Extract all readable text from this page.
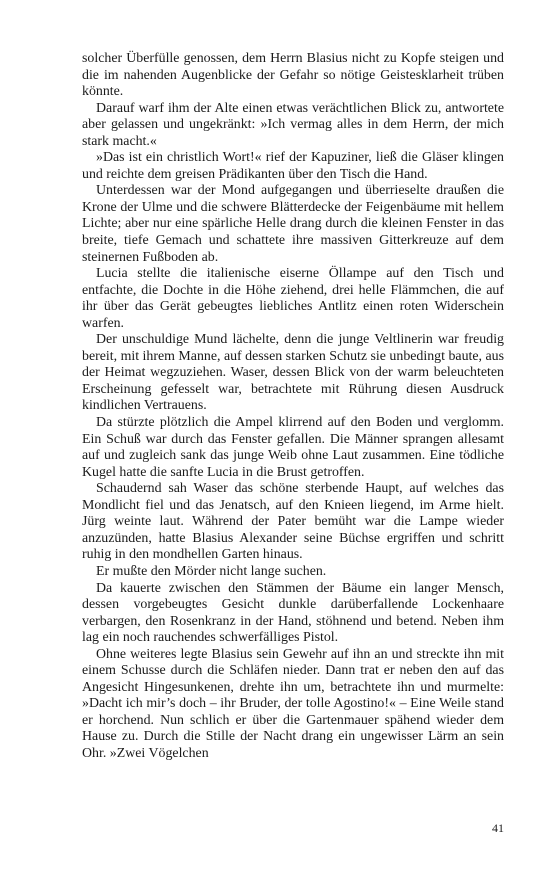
solcher Überfülle genossen, dem Herrn Blasius nicht zu Kopfe steigen und die im nahenden Augenblicke der Gefahr so nötige Geistesklarheit trüben könnte.

Darauf warf ihm der Alte einen etwas verächtlichen Blick zu, antwortete aber gelassen und ungekränkt: »Ich vermag alles in dem Herrn, der mich stark macht.«

»Das ist ein christlich Wort!« rief der Kapuziner, ließ die Gläser klingen und reichte dem greisen Prädikanten über den Tisch die Hand.

Unterdessen war der Mond aufgegangen und überrieselte draußen die Krone der Ulme und die schwere Blätterdecke der Feigenbäume mit hellem Lichte; aber nur eine spärliche Helle drang durch die kleinen Fenster in das breite, tiefe Gemach und schattete ihre massiven Gitterkreuze auf dem steinernen Fußboden ab.

Lucia stellte die italienische eiserne Öllampe auf den Tisch und entfachte, die Dochte in die Höhe ziehend, drei helle Flämmchen, die auf ihr über das Gerät gebeugtes liebliches Antlitz einen roten Widerschein warfen.

Der unschuldige Mund lächelte, denn die junge Veltlinerin war freudig bereit, mit ihrem Manne, auf dessen starken Schutz sie unbedingt baute, aus der Heimat wegzuziehen. Waser, dessen Blick von der warm beleuchteten Erscheinung gefesselt war, betrachtete mit Rührung diesen Ausdruck kindlichen Vertrauens.

Da stürzte plötzlich die Ampel klirrend auf den Boden und verglomm. Ein Schuß war durch das Fenster gefallen. Die Männer sprangen allesamt auf und zugleich sank das junge Weib ohne Laut zusammen. Eine tödliche Kugel hatte die sanfte Lucia in die Brust getroffen.

Schaudernd sah Waser das schöne sterbende Haupt, auf welches das Mondlicht fiel und das Jenatsch, auf den Knieen liegend, im Arme hielt. Jürg weinte laut. Während der Pater bemüht war die Lampe wieder anzuzünden, hatte Blasius Alexander seine Büchse ergriffen und schritt ruhig in den mondhellen Garten hinaus.

Er mußte den Mörder nicht lange suchen.

Da kauerte zwischen den Stämmen der Bäume ein langer Mensch, dessen vorgebeugtes Gesicht dunkle darüberfallende Lockenhaare verbargen, den Rosenkranz in der Hand, stöhnend und betend. Neben ihm lag ein noch rauchendes schwerfälliges Pistol.

Ohne weiteres legte Blasius sein Gewehr auf ihn an und streckte ihn mit einem Schusse durch die Schläfen nieder. Dann trat er neben den auf das Angesicht Hingesunkenen, drehte ihn um, betrachtete ihn und murmelte: »Dacht ich mir’s doch – ihr Bruder, der tolle Agostino!« – Eine Weile stand er horchend. Nun schlich er über die Gartenmauer spähend wieder dem Hause zu. Durch die Stille der Nacht drang ein ungewisser Lärm an sein Ohr. »Zwei Vögelchen

41
